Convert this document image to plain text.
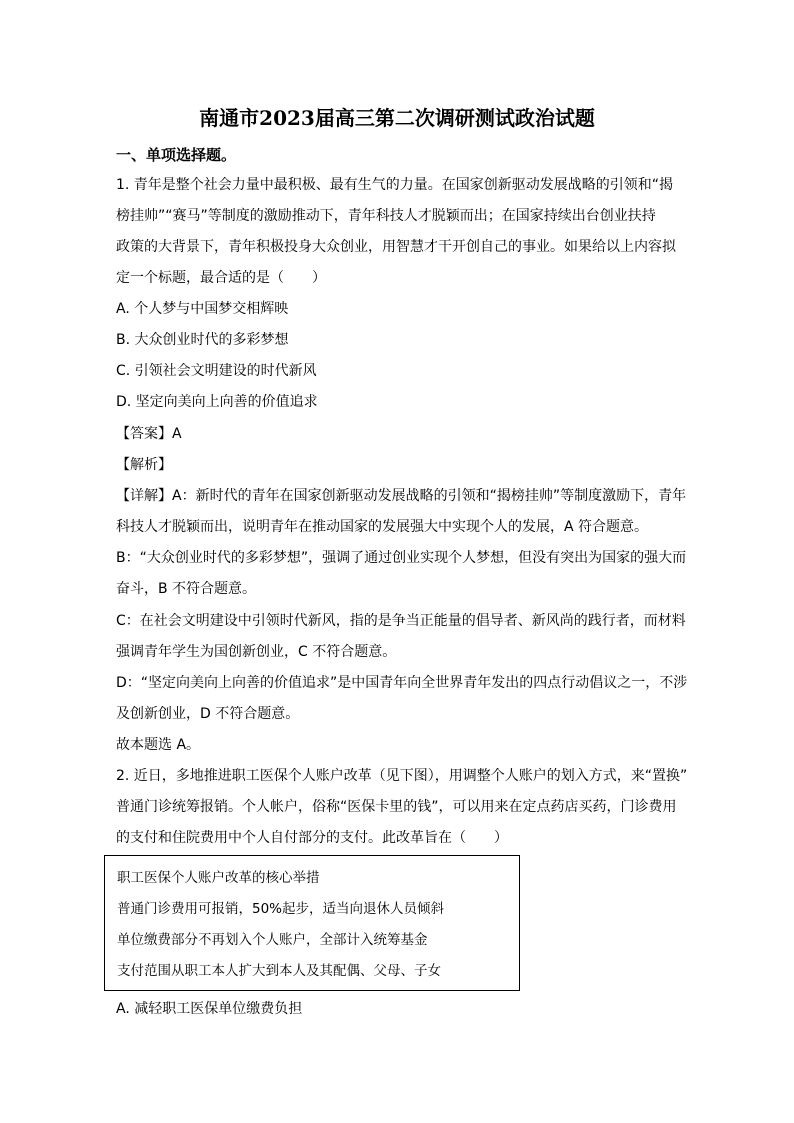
南通市2023届高三第二次调研测试政治试题
一、单项选择题。
1. 青年是整个社会力量中最积极、最有生气的力量。在国家创新驱动发展战略的引领和“揭
榜挂帅”“赛马”等制度的激励推动下，青年科技人才脱颖而出；在国家持续出台创业扶持
政策的大背景下，青年积极投身大众创业，用智慧才干开创自己的事业。如果给以上内容拟
定一个标题，最合适的是（　　）
A. 个人梦与中国梦交相辉映
B. 大众创业时代的多彩梦想
C. 引领社会文明建设的时代新风
D. 坚定向美向上向善的价值追求
【答案】A
【解析】
【详解】A：新时代的青年在国家创新驱动发展战略的引领和“揭榜挂帅”等制度激励下，青年
科技人才脱颖而出，说明青年在推动国家的发展强大中实现个人的发展，A 符合题意。
B：“大众创业时代的多彩梦想”，强调了通过创业实现个人梦想，但没有突出为国家的强大而
奋斗，B 不符合题意。
C：在社会文明建设中引领时代新风，指的是争当正能量的倡导者、新风尚的践行者，而材料
强调青年学生为国创新创业，C 不符合题意。
D：“坚定向美向上向善的价值追求”是中国青年向全世界青年发出的四点行动倡议之一，不涉
及创新创业，D 不符合题意。
故本题选 A。
2. 近日，多地推进职工医保个人账户改革（见下图），用调整个人账户的划入方式，来“置换”
普通门诊统筹报销。个人帐户，俗称“医保卡里的钱”，可以用来在定点药店买药，门诊费用
的支付和住院费用中个人自付部分的支付。此改革旨在（　　）
职工医保个人账户改革的核心举措
普通门诊费用可报销，50%起步，适当向退休人员倾斜
单位缴费部分不再划入个人账户，全部计入统筹基金
支付范围从职工本人扩大到本人及其配偶、父母、子女
A. 减轻职工医保单位缴费负担
